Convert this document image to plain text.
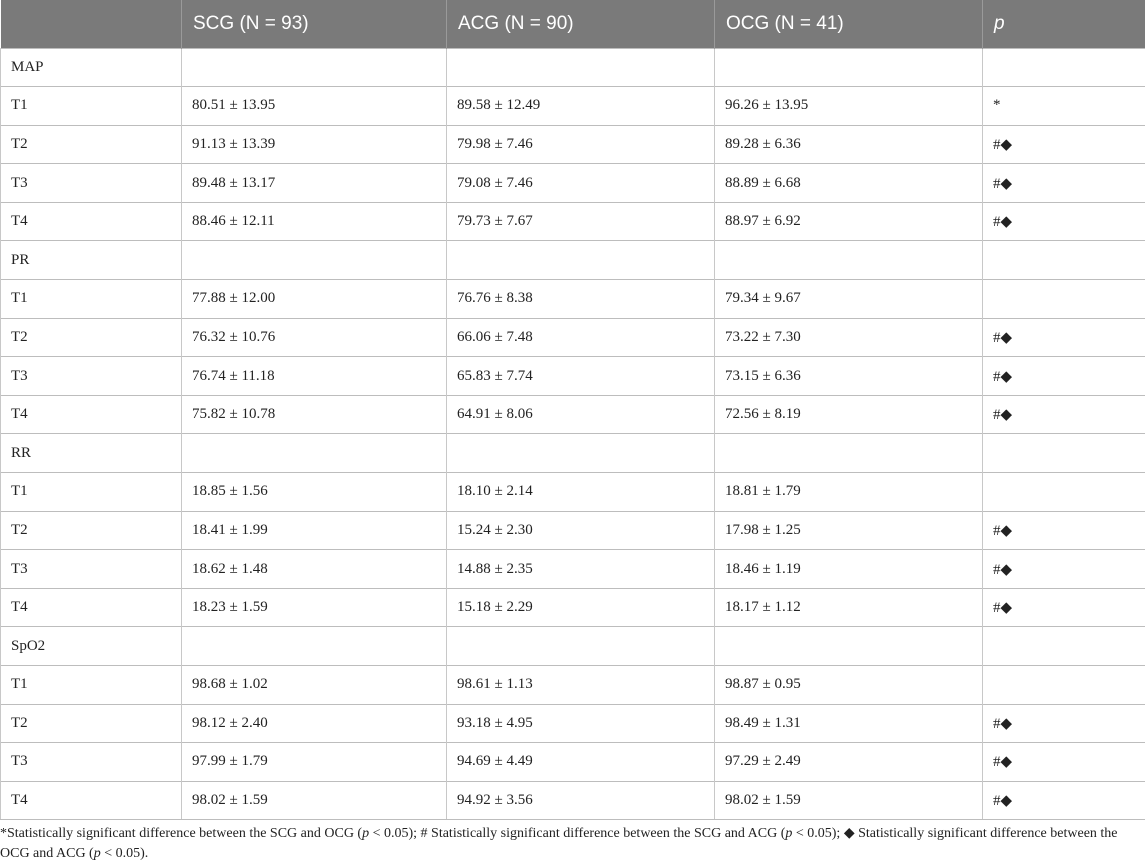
	SCG (N = 93)	ACG (N = 90)	OCG (N = 41)	p
MAP				
T1	80.51 ± 13.95	89.58 ± 12.49	96.26 ± 13.95	*
T2	91.13 ± 13.39	79.98 ± 7.46	89.28 ± 6.36	#◆
T3	89.48 ± 13.17	79.08 ± 7.46	88.89 ± 6.68	#◆
T4	88.46 ± 12.11	79.73 ± 7.67	88.97 ± 6.92	#◆
PR				
T1	77.88 ± 12.00	76.76 ± 8.38	79.34 ± 9.67	
T2	76.32 ± 10.76	66.06 ± 7.48	73.22 ± 7.30	#◆
T3	76.74 ± 11.18	65.83 ± 7.74	73.15 ± 6.36	#◆
T4	75.82 ± 10.78	64.91 ± 8.06	72.56 ± 8.19	#◆
RR				
T1	18.85 ± 1.56	18.10 ± 2.14	18.81 ± 1.79	
T2	18.41 ± 1.99	15.24 ± 2.30	17.98 ± 1.25	#◆
T3	18.62 ± 1.48	14.88 ± 2.35	18.46 ± 1.19	#◆
T4	18.23 ± 1.59	15.18 ± 2.29	18.17 ± 1.12	#◆
SpO2				
T1	98.68 ± 1.02	98.61 ± 1.13	98.87 ± 0.95	
T2	98.12 ± 2.40	93.18 ± 4.95	98.49 ± 1.31	#◆
T3	97.99 ± 1.79	94.69 ± 4.49	97.29 ± 2.49	#◆
T4	98.02 ± 1.59	94.92 ± 3.56	98.02 ± 1.59	#◆
*Statistically significant difference between the SCG and OCG (p < 0.05); # Statistically significant difference between the SCG and ACG (p < 0.05); ◆ Statistically significant difference between the OCG and ACG (p < 0.05).
